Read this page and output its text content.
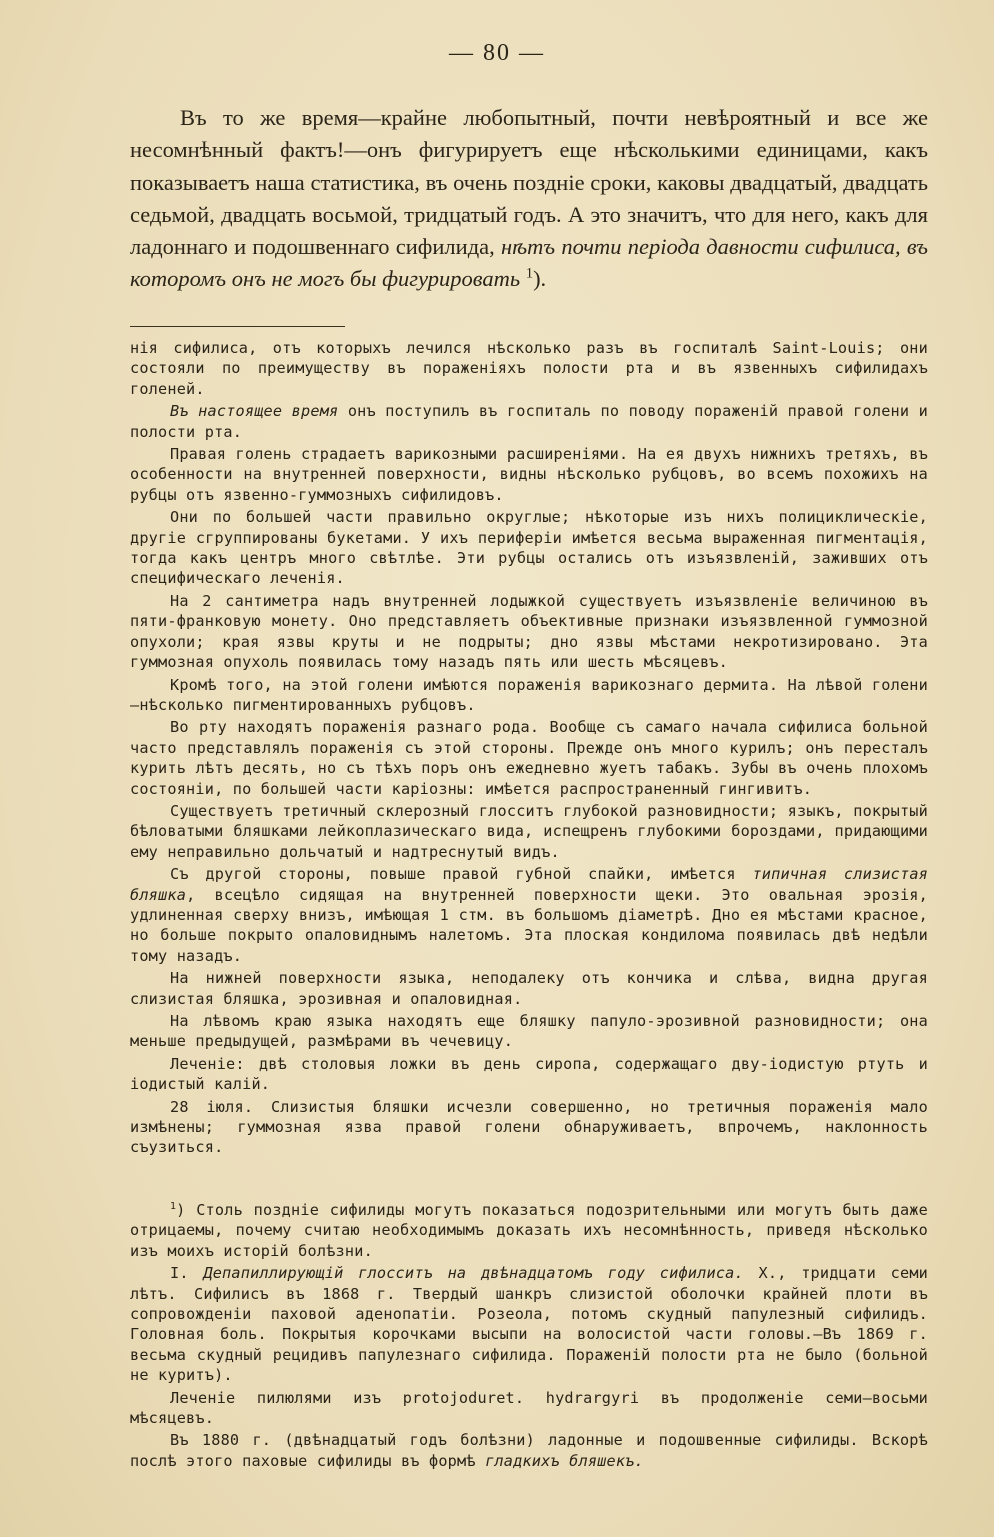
— 80 —

Въ то же время—крайне любопытный, почти невѣроятный и все же несомнѣнный фактъ!—онъ фигурируетъ еще нѣсколькими единицами, какъ показываетъ наша статистика, въ очень позднiе сроки, каковы двадцатый, двадцать седьмой, двадцать восьмой, тридцатый годъ. А это значитъ, что для него, какъ для ладоннаго и подошвеннаго сифилида, нѣтъ почти перiода давности сифилиса, въ которомъ онъ не могъ бы фигурировать $^1$).

нiя сифилиса, отъ которыхъ лечился нѣсколько разъ въ госпиталѣ Saint-Louis; они состояли по преимуществу въ пораженiяхъ полости рта и въ язвенныхъ сифилидахъ голеней.

Въ настоящее время онъ поступилъ въ госпиталь по поводу пораженiй правой голени и полости рта.

Правая голень страдаетъ варикозными расширенiями. На ея двухъ нижнихъ третяхъ, въ особенности на внутренней поверхности, видны нѣсколько рубцовъ, во всемъ похожихъ на рубцы отъ язвенно-гуммозныхъ сифилидовъ.

Они по большей части правильно округлые; нѣкоторые изъ нихъ полициклическiе, другiе сгруппированы букетами. У ихъ периферiи имѣется весьма выраженная пигментацiя, тогда какъ центръ много свѣтлѣе. Эти рубцы остались отъ изъязвленiй, заживших отъ специфическаго леченiя.

На 2 сантиметра надъ внутренней лодыжкой существуетъ изъязвленiе величиною въ пяти-франковую монету. Оно представляетъ объективные признаки изъязвленной гуммозной опухоли; края язвы круты и не подрыты; дно язвы мѣстами некротизировано. Эта гуммозная опухоль появилась тому назадъ пять или шесть мѣсяцевъ.

Кромѣ того, на этой голени имѣются пораженiя варикознаго дермита. На лѣвой голени—нѣсколько пигментированныхъ рубцовъ.

Во рту находятъ пораженiя разнаго рода. Вообще съ самаго начала сифилиса больной часто представлялъ пораженiя съ этой стороны. Прежде онъ много курилъ; онъ пересталъ курить лѣтъ десять, но съ тѣхъ поръ онъ ежедневно жуетъ табакъ. Зубы въ очень плохомъ состоянiи, по большей части карiозны: имѣется распространенный гингивитъ.

Существуетъ третичный склерозный глосситъ глубокой разновидности; языкъ, покрытый бѣловатыми бляшками лейкоплазическаго вида, испещренъ глубокими бороздами, придающими ему неправильно дольчатый и надтреснутый видъ.

Съ другой стороны, повыше правой губной спайки, имѣется типичная слизистая бляшка, всецѣло сидящая на внутренней поверхности щеки. Это овальная эрозiя, удлиненная сверху внизъ, имѣющая 1 стм. въ большомъ дiаметрѣ. Дно ея мѣстами красное, но больше покрыто опаловиднымъ налетомъ. Эта плоская кондилома появилась двѣ недѣли тому назадъ.

На нижней поверхности языка, неподалеку отъ кончика и слѣва, видна другая слизистая бляшка, эрозивная и опаловидная.

На лѣвомъ краю языка находятъ еще бляшку папуло-эрозивной разновидности; она меньше предыдущей, размѣрами въ чечевицу.

Леченiе: двѣ столовыя ложки въ день сиропа, содержащаго дву-iодистую ртуть и iодистый калiй.

28 iюля. Слизистыя бляшки исчезли совершенно, но третичныя пораженiя мало измѣнены; гуммозная язва правой голени обнаруживаетъ, впрочемъ, наклонность съузиться.

$^1$) Столь позднiе сифилиды могутъ показаться подозрительными или могутъ быть даже отрицаемы, почему считаю необходимымъ доказать ихъ несомнѣнность, приведя нѣсколько изъ моихъ исторiй болѣзни.

I. Депапиллирующiй глосситъ на двѣнадцатомъ году сифилиса. X., тридцати семи лѣтъ. Сифилисъ въ 1868 г. Твердый шанкръ слизистой оболочки крайней плоти въ сопровожденiи паховой аденопатiи. Розеола, потомъ скудный папулезный сифилидъ. Головная боль. Покрытыя корочками высыпи на волосистой части головы.—Въ 1869 г. весьма скудный рецидивъ папулезнаго сифилида. Пораженiй полости рта не было (больной не куритъ).

Леченiе пилюлями изъ protojoduret. hydrargyri въ продолженiе семи—восьми мѣсяцевъ.

Въ 1880 г. (двѣнадцатый годъ болѣзни) ладонные и подошвенные сифилиды. Вскорѣ послѣ этого паховые сифилиды въ формѣ гладкихъ бляшекъ.
